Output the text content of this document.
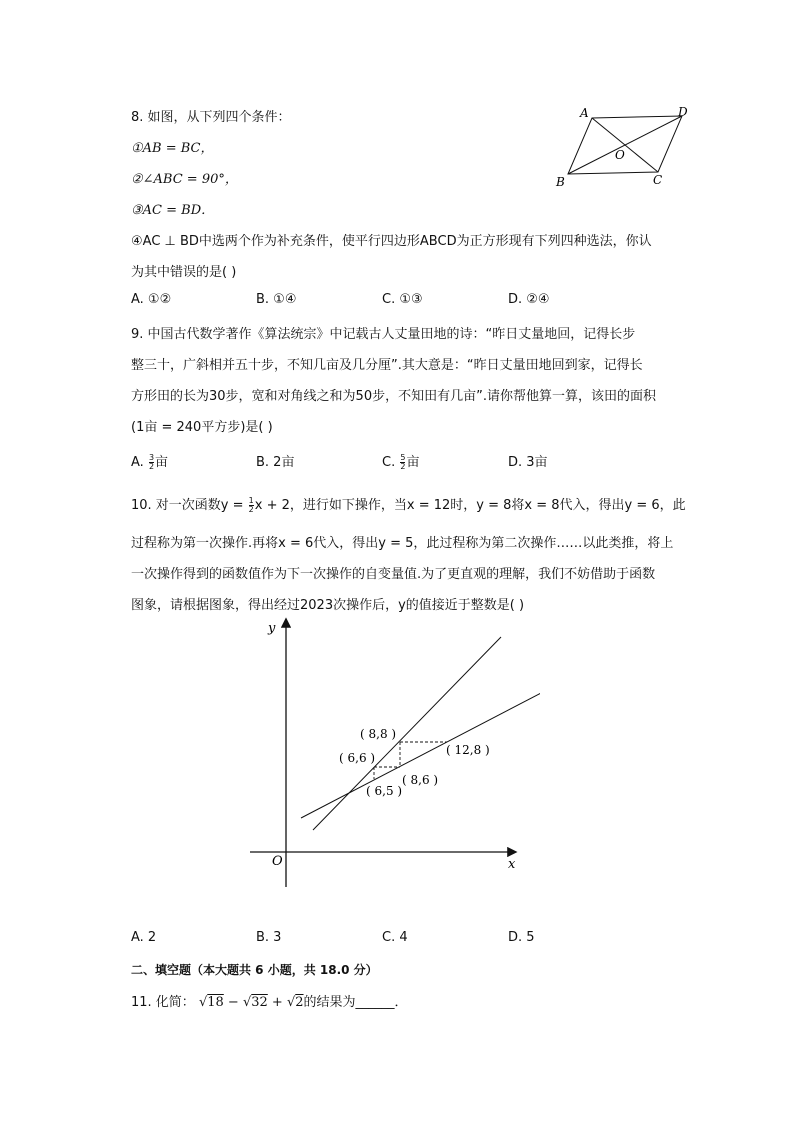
8. 如图，从下列四个条件：
①AB = BC，
②∠ABC = 90°，
③AC = BD．
④AC ⊥ BD中选两个作为补充条件，使平行四边形ABCD为正方形现有下列四种选法，你认
为其中错误的是( )
A	D
O
B	C
A. ①②	B. ①④	C. ①③	D. ②④
9. 中国古代数学著作《算法统宗》中记载古人丈量田地的诗：“昨日丈量地回，记得长步
整三十，广斜相并五十步，不知几亩及几分厘”.其大意是：“昨日丈量田地回到家，记得长
方形田的长为30步，宽和对角线之和为50步，不知田有几亩”.请你帮他算一算，该田的面积
(1亩 = 240平方步)是( )
A. $\frac{3}{2}$ 亩	B. 2亩	C. $\frac{5}{2}$ 亩	D. 3亩
10. 对一次函数$y = \frac{1}{2}$ x + 2，进行如下操作，当x = 12时，y = 8将x = 8代入，得出y = 6，此
过程称为第一次操作.再将x = 6代入，得出y = 5，此过程称为第二次操作……以此类推，将上
一次操作得到的函数值作为下一次操作的自变量值.为了更直观的理解，我们不妨借助于函数
图象，请根据图象，得出经过2023次操作后，y的值接近于整数是( )
y
x
O
( 8,8 )
( 6,6 )
( 12,8 )
( 8,6 )
( 6,5 )
A. 2	B. 3	C. 4	D. 5
二、填空题（本大题共 6 小题，共 18.0 分）
11. 化简： √18 − √32 + √2的结果为______．
